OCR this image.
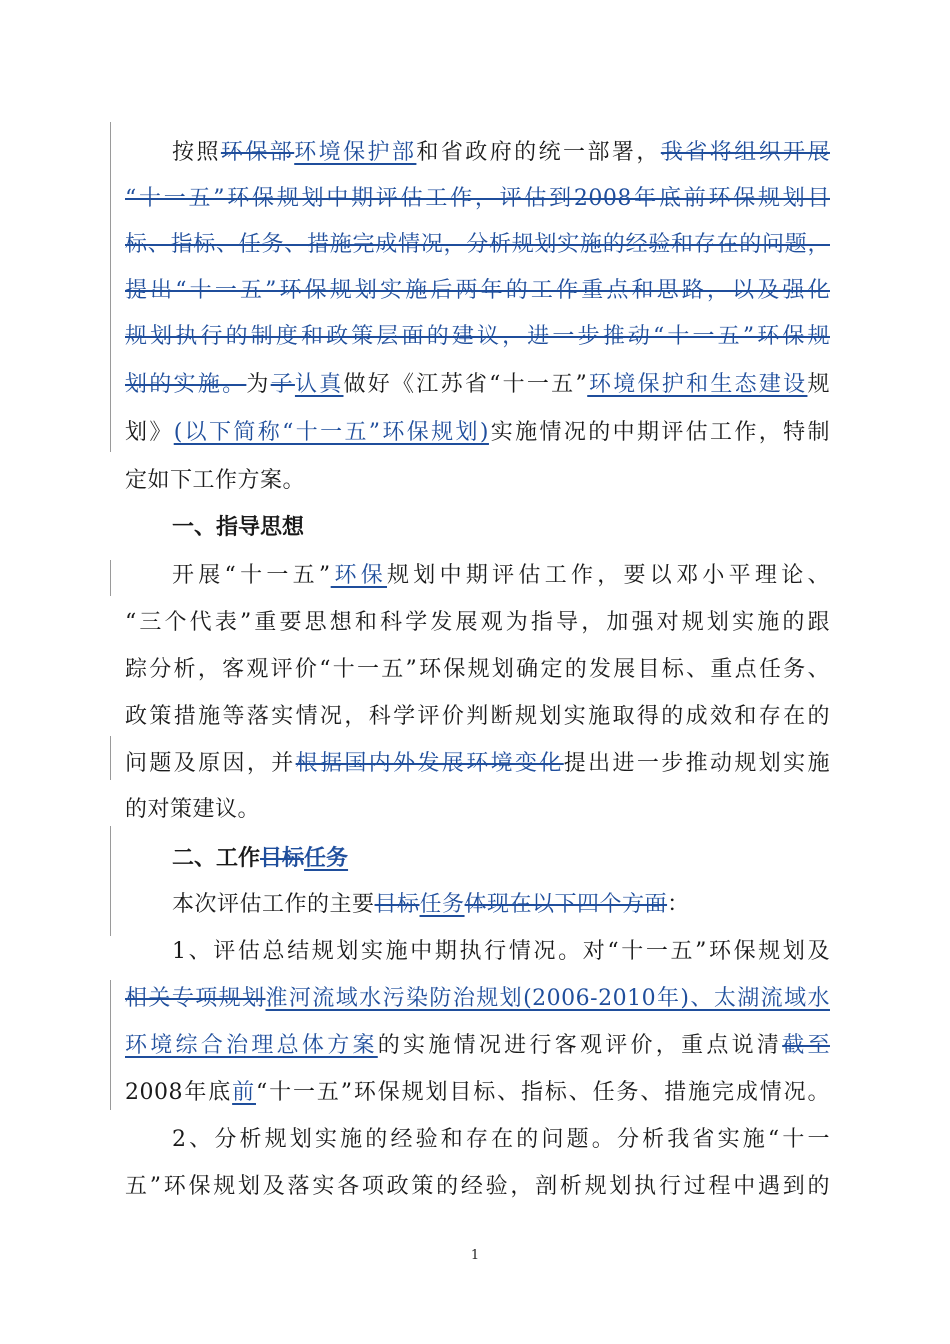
按照环保部环境保护部和省政府的统一部署，我省将组织开展
“十一五”环保规划中期评估工作，评估到2008年底前环保规划目
标、指标、任务、措施完成情况，分析规划实施的经验和存在的问题，
提出“十一五”环保规划实施后两年的工作重点和思路，以及强化
规划执行的制度和政策层面的建议，进一步推动“十一五”环保规
划的实施。为子认真做好《江苏省“十一五”环境保护和生态建设规
划》(以下简称“十一五”环保规划)实施情况的中期评估工作，特制
定如下工作方案。
一、指导思想
开展“十一五”环保规划中期评估工作，要以邓小平理论、
“三个代表”重要思想和科学发展观为指导，加强对规划实施的跟
踪分析，客观评价“十一五”环保规划确定的发展目标、重点任务、
政策措施等落实情况，科学评价判断规划实施取得的成效和存在的
问题及原因，并根据国内外发展环境变化提出进一步推动规划实施
的对策建议。
二、工作目标任务
本次评估工作的主要目标任务体现在以下四个方面：
1、评估总结规划实施中期执行情况。对“十一五”环保规划及
相关专项规划淮河流域水污染防治规划(2006-2010年)、太湖流域水
环境综合治理总体方案的实施情况进行客观评价，重点说清截至
2008年底前“十一五”环保规划目标、指标、任务、措施完成情况。
2、分析规划实施的经验和存在的问题。分析我省实施“十一
五”环保规划及落实各项政策的经验，剖析规划执行过程中遇到的
1
